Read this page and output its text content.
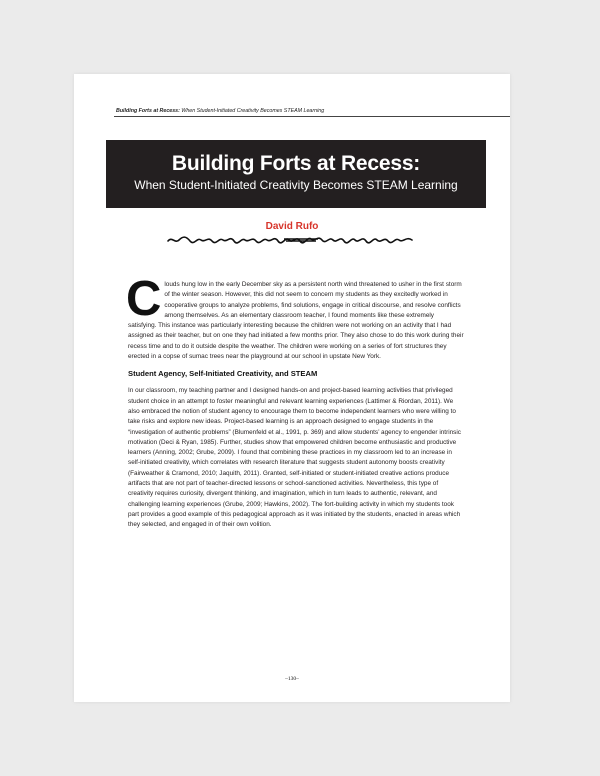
Building Forts at Recess: When Student-Initiated Creativity Becomes STEAM Learning
Building Forts at Recess:
When Student-Initiated Creativity Becomes STEAM Learning
David Rufo

Clouds hung low in the early December sky as a persistent north wind threatened to usher in the first storm of the winter season. However, this did not seem to concern my students as they excitedly worked in cooperative groups to analyze problems, find solutions, engage in critical discourse, and resolve conflicts among themselves. As an elementary classroom teacher, I found moments like these extremely satisfying. This instance was particularly interesting because the children were not working on an activity that I had assigned as their teacher, but on one they had initiated a few months prior. They also chose to do this work during their recess time and to do it outside despite the weather. The children were working on a series of fort structures they erected in a copse of sumac trees near the playground at our school in upstate New York.

Student Agency, Self-Initiated Creativity, and STEAM

In our classroom, my teaching partner and I designed hands-on and project-based learning activities that privileged student choice in an attempt to foster meaningful and relevant learning experiences (Lattimer & Riordan, 2011). We also embraced the notion of student agency to encourage them to become independent learners who were willing to take risks and explore new ideas. Project-based learning is an approach designed to engage students in the “investigation of authentic problems” (Blumenfeld et al., 1991, p. 369) and allow students’ agency to engender intrinsic motivation (Deci & Ryan, 1985). Further, studies show that empowered children become enthusiastic and productive learners (Anning, 2002; Grube, 2009). I found that combining these practices in my classroom led to an increase in self-initiated creativity, which correlates with research literature that suggests student autonomy boosts creativity (Fairweather & Cramond, 2010; Jaquith, 2011). Granted, self-initiated or student-initiated creative actions produce artifacts that are not part of teacher-directed lessons or school-sanctioned activities. Nevertheless, this type of creativity requires curiosity, divergent thinking, and imagination, which in turn leads to authentic, relevant, and challenging learning experiences (Grube, 2009; Hawkins, 2002). The fort-building activity in which my students took part provides a good example of this pedagogical approach as it was initiated by the students, enacted in areas which they selected, and engaged in of their own volition.

–130–
